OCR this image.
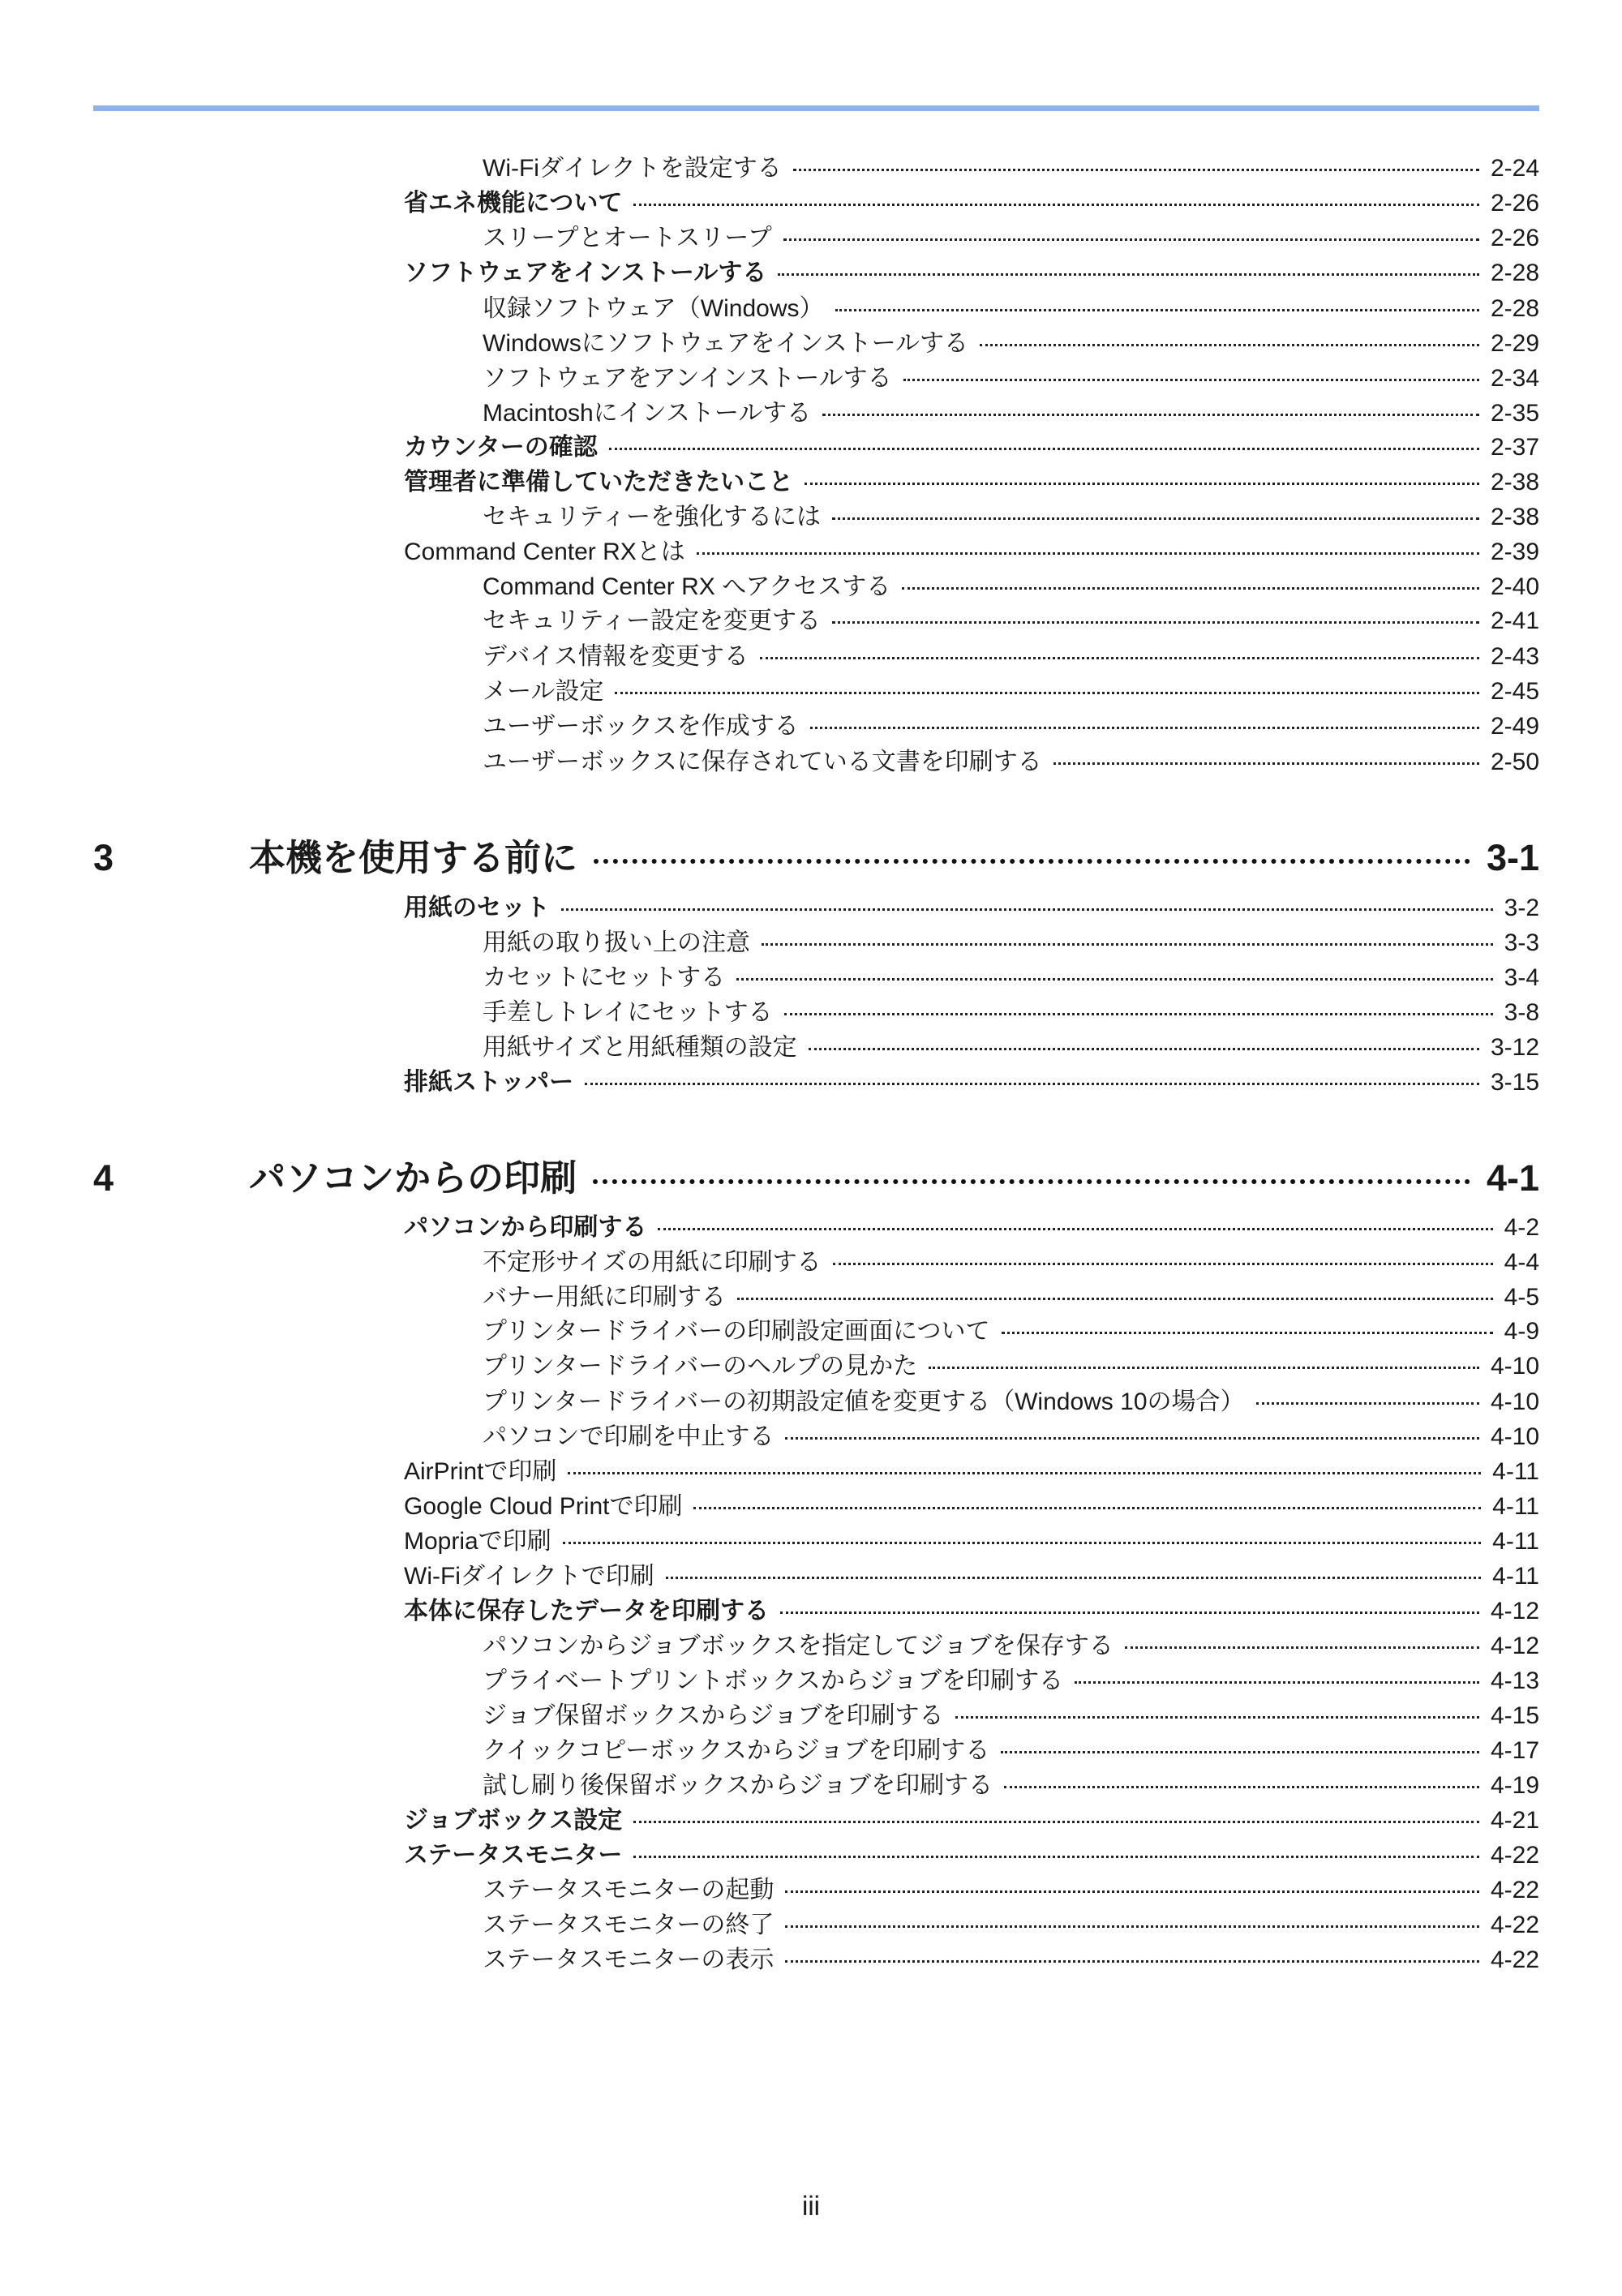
Wi-Fiダイレクトを設定する	2-24
省エネ機能について	2-26
スリープとオートスリープ	2-26
ソフトウェアをインストールする	2-28
収録ソフトウェア（Windows）	2-28
Windowsにソフトウェアをインストールする	2-29
ソフトウェアをアンインストールする	2-34
Macintoshにインストールする	2-35
カウンターの確認	2-37
管理者に準備していただきたいこと	2-38
セキュリティーを強化するには	2-38
Command Center RXとは	2-39
Command Center RX へアクセスする	2-40
セキュリティー設定を変更する	2-41
デバイス情報を変更する	2-43
メール設定	2-45
ユーザーボックスを作成する	2-49
ユーザーボックスに保存されている文書を印刷する	2-50
3	本機を使用する前に	3-1
用紙のセット	3-2
用紙の取り扱い上の注意	3-3
カセットにセットする	3-4
手差しトレイにセットする	3-8
用紙サイズと用紙種類の設定	3-12
排紙ストッパー	3-15
4	パソコンからの印刷	4-1
パソコンから印刷する	4-2
不定形サイズの用紙に印刷する	4-4
バナー用紙に印刷する	4-5
プリンタードライバーの印刷設定画面について	4-9
プリンタードライバーのヘルプの見かた	4-10
プリンタードライバーの初期設定値を変更する（Windows 10の場合）	4-10
パソコンで印刷を中止する	4-10
AirPrintで印刷	4-11
Google Cloud Printで印刷	4-11
Mopriaで印刷	4-11
Wi-Fiダイレクトで印刷	4-11
本体に保存したデータを印刷する	4-12
パソコンからジョブボックスを指定してジョブを保存する	4-12
プライベートプリントボックスからジョブを印刷する	4-13
ジョブ保留ボックスからジョブを印刷する	4-15
クイックコピーボックスからジョブを印刷する	4-17
試し刷り後保留ボックスからジョブを印刷する	4-19
ジョブボックス設定	4-21
ステータスモニター	4-22
ステータスモニターの起動	4-22
ステータスモニターの終了	4-22
ステータスモニターの表示	4-22
iii
